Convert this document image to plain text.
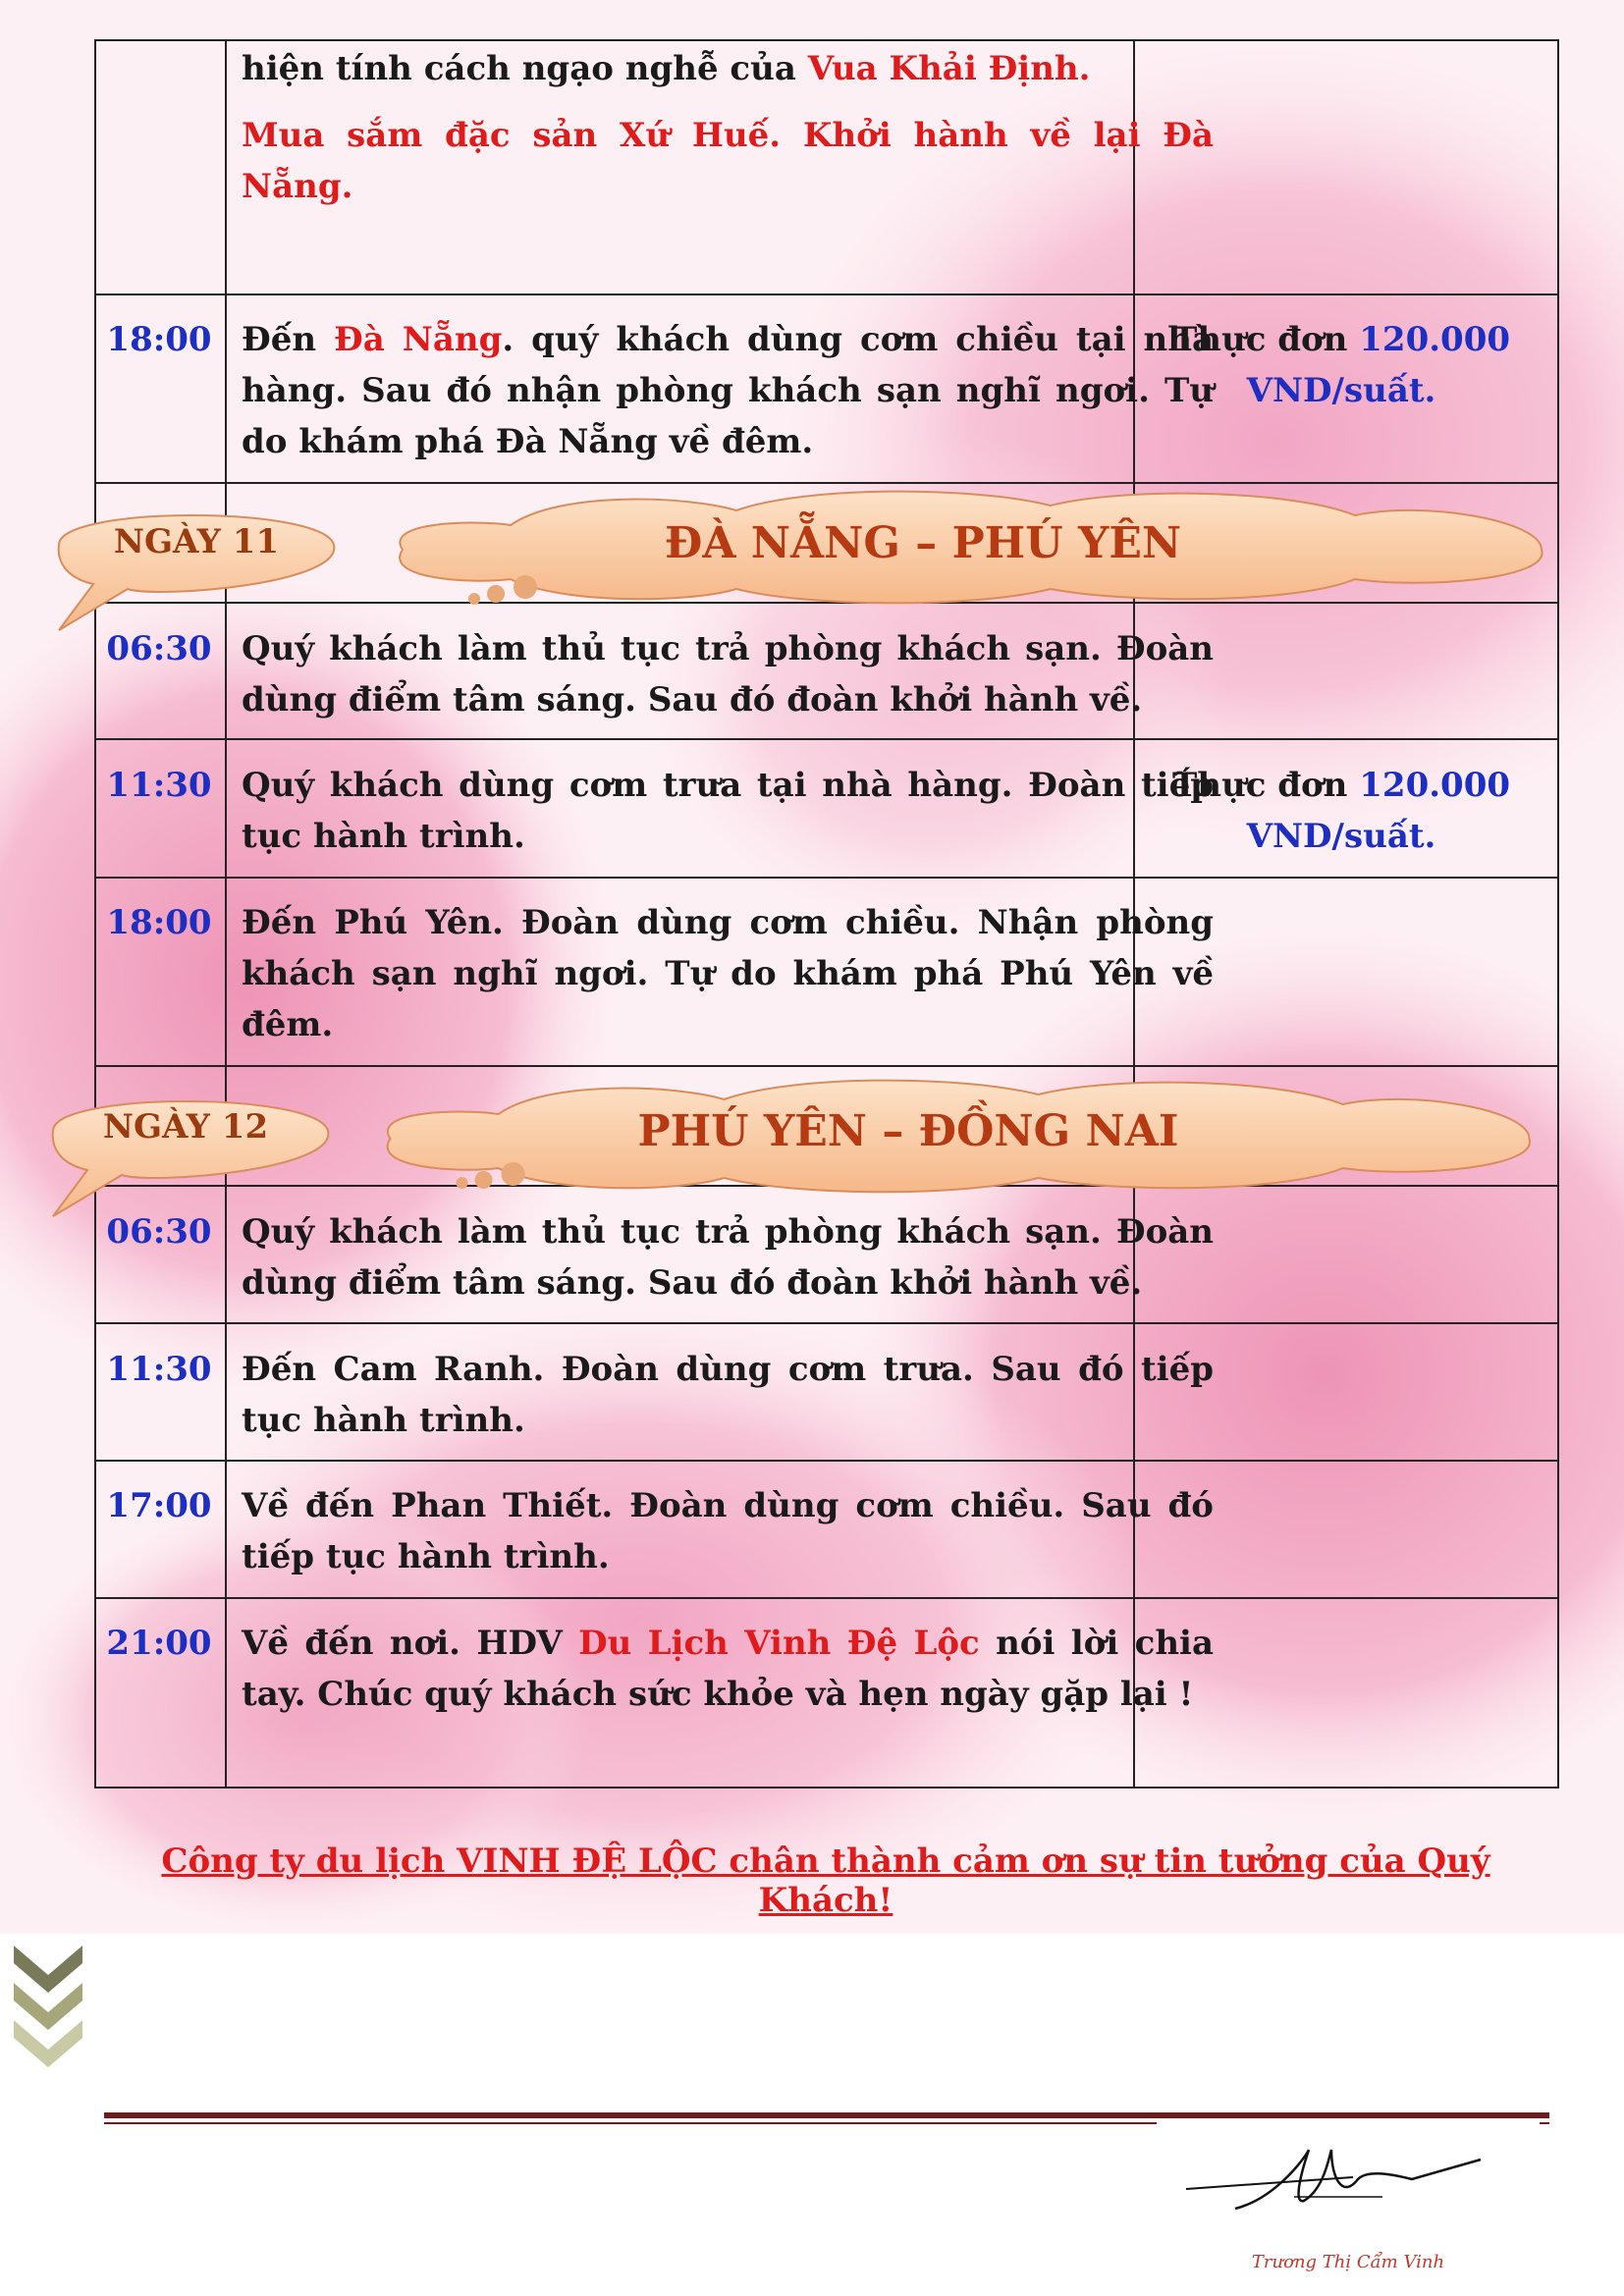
hiện tính cách ngạo nghễ của Vua Khải Định.
Mua sắm đặc sản Xứ Huế. Khởi hành về lại Đà Nẵng.
18:00 Đến Đà Nẵng. quý khách dùng cơm chiều tại nhà hàng. Sau đó nhận phòng khách sạn nghĩ ngơi. Tự do khám phá Đà Nẵng về đêm.
Thực đơn 120.000
VND/suất.
NGÀY 11	ĐÀ NẴNG – PHÚ YÊN
06:30 Quý khách làm thủ tục trả phòng khách sạn. Đoàn dùng điểm tâm sáng. Sau đó đoàn khởi hành về.
11:30 Quý khách dùng cơm trưa tại nhà hàng. Đoàn tiếp tục hành trình.
Thực đơn 120.000
VND/suất.
18:00 Đến Phú Yên. Đoàn dùng cơm chiều. Nhận phòng khách sạn nghĩ ngơi. Tự do khám phá Phú Yên về đêm.
NGÀY 12	PHÚ YÊN – ĐỒNG NAI
06:30 Quý khách làm thủ tục trả phòng khách sạn. Đoàn dùng điểm tâm sáng. Sau đó đoàn khởi hành về.
11:30 Đến Cam Ranh. Đoàn dùng cơm trưa. Sau đó tiếp tục hành trình.
17:00 Về đến Phan Thiết. Đoàn dùng cơm chiều. Sau đó tiếp tục hành trình.
21:00 Về đến nơi. HDV Du Lịch Vinh Đệ Lộc nói lời chia tay. Chúc quý khách sức khỏe và hẹn ngày gặp lại !
Công ty du lịch VINH ĐỆ LỘC chân thành cảm ơn sự tin tưởng của Quý Khách!
Trương Thị Cẩm Vinh
